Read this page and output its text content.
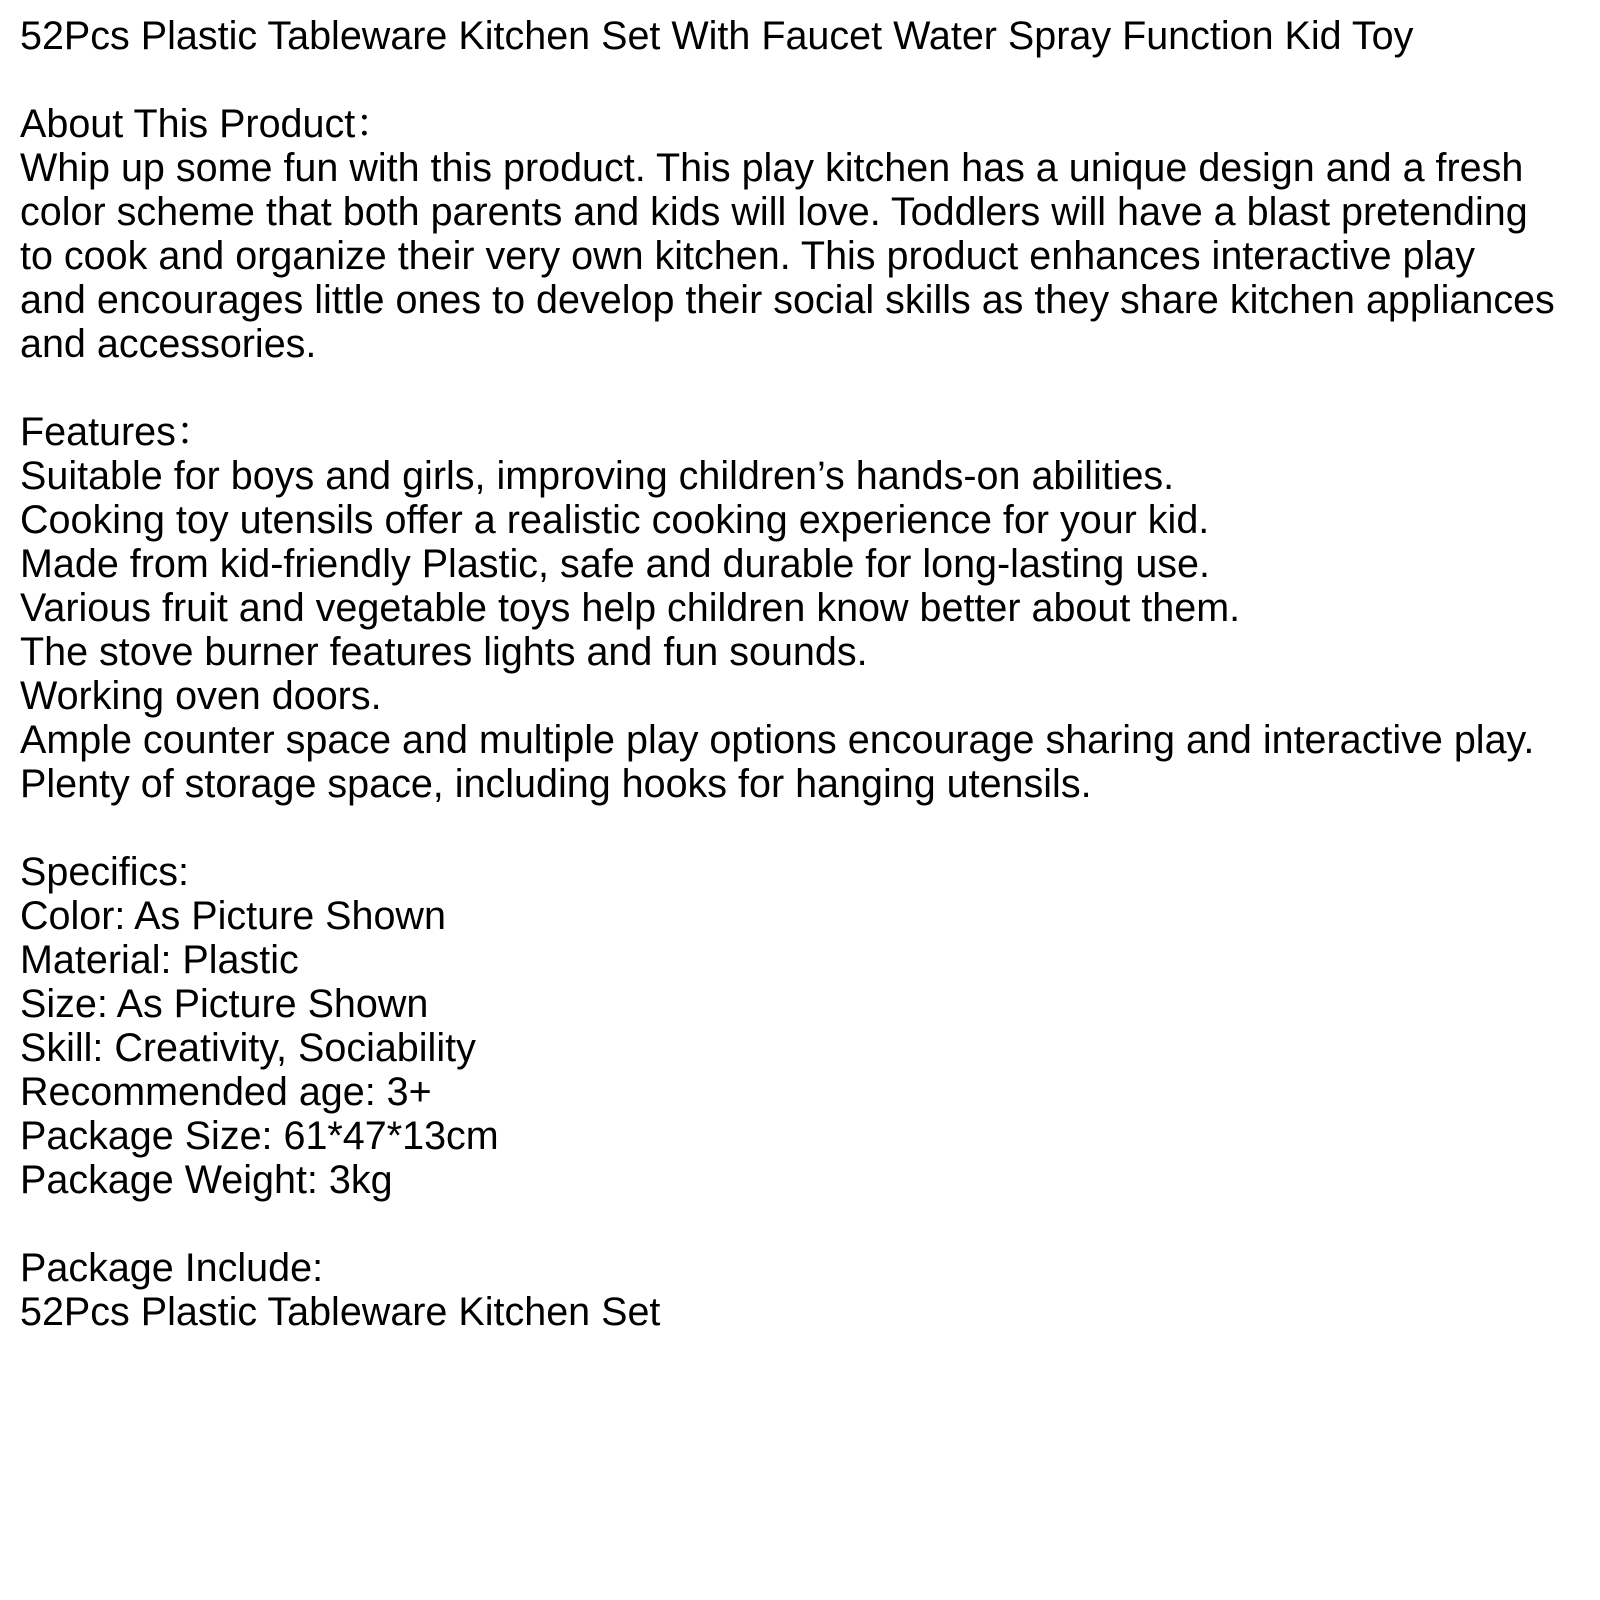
52Pcs Plastic Tableware Kitchen Set With Faucet Water Spray Function Kid Toy
About This Product：
Whip up some fun with this product. This play kitchen has a unique design and a fresh
color scheme that both parents and kids will love. Toddlers will have a blast pretending
to cook and organize their very own kitchen. This product enhances interactive play
and encourages little ones to develop their social skills as they share kitchen appliances
and accessories.
Features：
Suitable for boys and girls, improving children’s hands-on abilities.
Cooking toy utensils offer a realistic cooking experience for your kid.
Made from kid-friendly Plastic, safe and durable for long-lasting use.
Various fruit and vegetable toys help children know better about them.
The stove burner features lights and fun sounds.
Working oven doors.
Ample counter space and multiple play options encourage sharing and interactive play.
Plenty of storage space, including hooks for hanging utensils.
Specifics:
Color: As Picture Shown
Material: Plastic
Size: As Picture Shown
Skill: Creativity, Sociability
Recommended age: 3+
Package Size: 61*47*13cm
Package Weight: 3kg
Package Include:
52Pcs Plastic Tableware Kitchen Set
